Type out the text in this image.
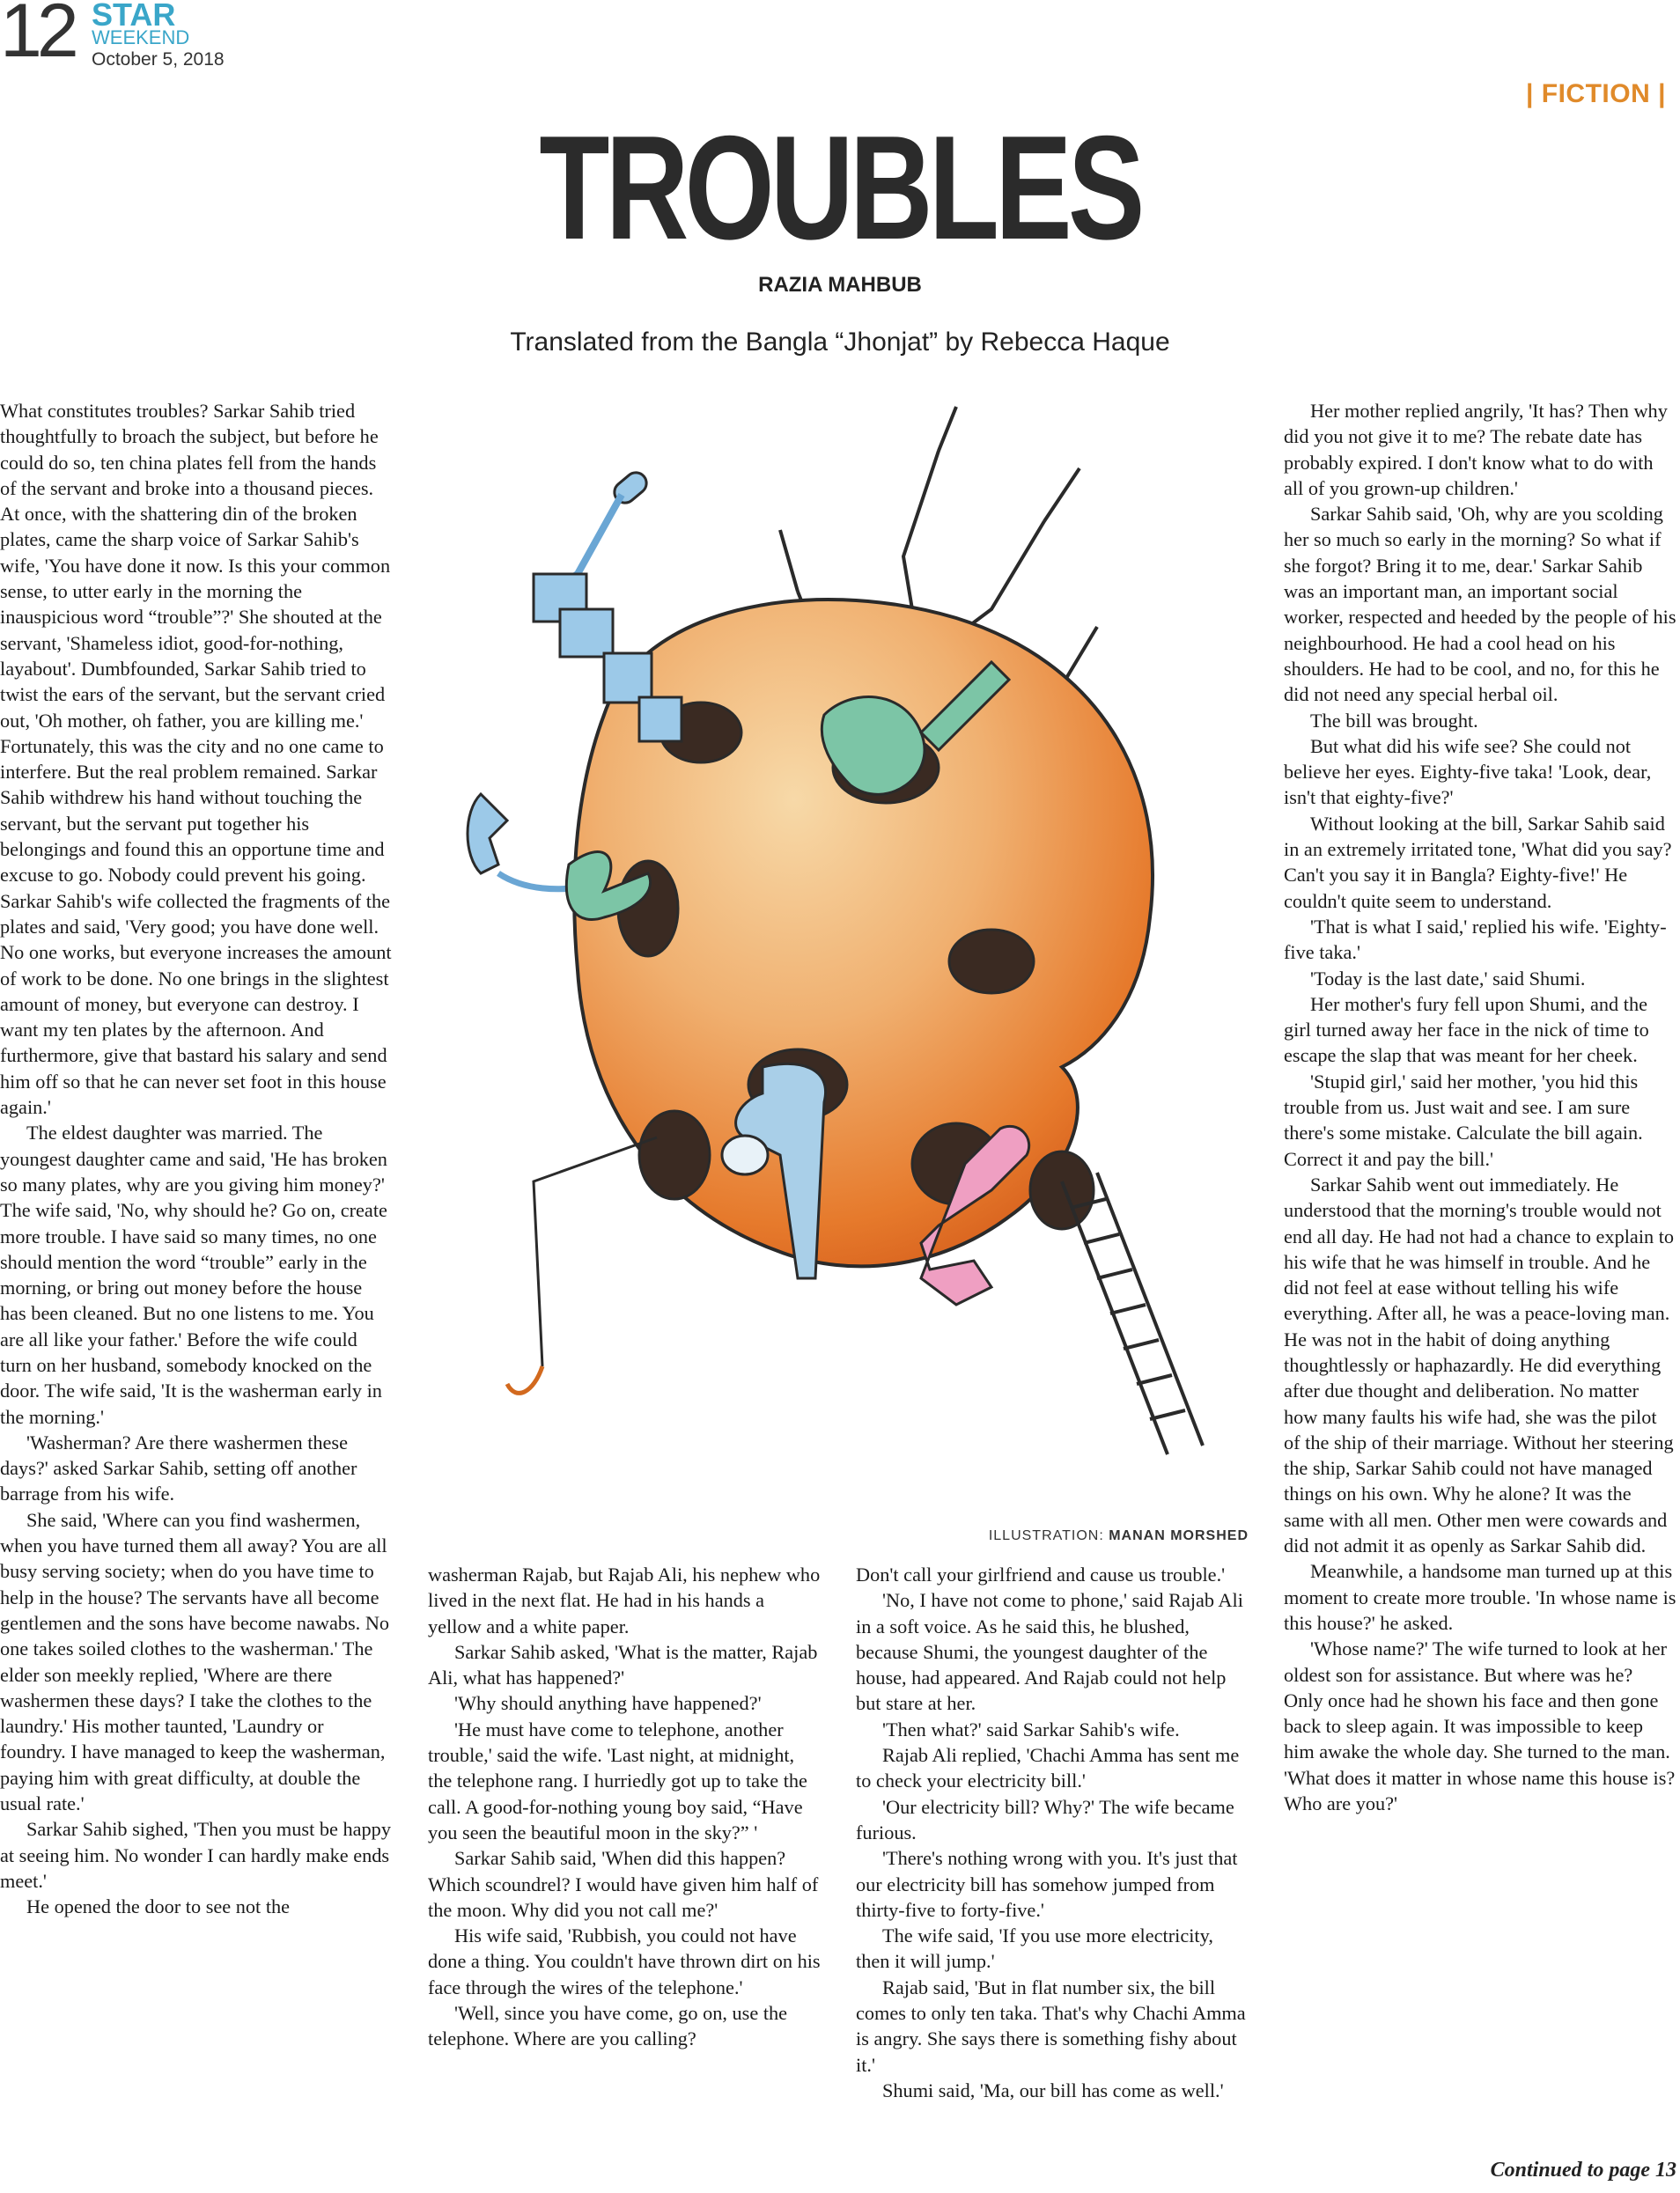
12 STAR
WEEKEND
October 5, 2018
| FICTION |
TROUBLES
RAZIA MAHBUB
Translated from the Bangla “Jhonjat” by Rebecca Haque

What constitutes troubles? Sarkar Sahib tried thoughtfully to broach the subject, but before he could do so, ten china plates fell from the hands of the servant and broke into a thousand pieces. At once, with the shattering din of the broken plates, came the sharp voice of Sarkar Sahib's wife, 'You have done it now. Is this your common sense, to utter early in the morning the inauspicious word “trouble”?' She shouted at the servant, 'Shameless idiot, good-for-nothing, layabout'. Dumbfounded, Sarkar Sahib tried to twist the ears of the servant, but the servant cried out, 'Oh mother, oh father, you are killing me.' Fortunately, this was the city and no one came to interfere. But the real problem remained. Sarkar Sahib withdrew his hand without touching the servant, but the servant put together his belongings and found this an opportune time and excuse to go. Nobody could prevent his going. Sarkar Sahib's wife collected the fragments of the plates and said, 'Very good; you have done well. No one works, but everyone increases the amount of work to be done. No one brings in the slightest amount of money, but everyone can destroy. I want my ten plates by the afternoon. And furthermore, give that bastard his salary and send him off so that he can never set foot in this house again.'

The eldest daughter was married. The youngest daughter came and said, 'He has broken so many plates, why are you giving him money?' The wife said, 'No, why should he? Go on, create more trouble. I have said so many times, no one should mention the word “trouble” early in the morning, or bring out money before the house has been cleaned. But no one listens to me. You are all like your father.' Before the wife could turn on her husband, somebody knocked on the door. The wife said, 'It is the washerman early in the morning.'

'Washerman? Are there washermen these days?' asked Sarkar Sahib, setting off another barrage from his wife.

She said, 'Where can you find washermen, when you have turned them all away? You are all busy serving society; when do you have time to help in the house? The servants have all become gentlemen and the sons have become nawabs. No one takes soiled clothes to the washerman.' The elder son meekly replied, 'Where are there washermen these days? I take the clothes to the laundry.' His mother taunted, 'Laundry or foundry. I have managed to keep the washerman, paying him with great difficulty, at double the usual rate.'

Sarkar Sahib sighed, 'Then you must be happy at seeing him. No wonder I can hardly make ends meet.'

He opened the door to see not the

ILLUSTRATION: MANAN MORSHED

washerman Rajab, but Rajab Ali, his nephew who lived in the next flat. He had in his hands a yellow and a white paper.

Sarkar Sahib asked, 'What is the matter, Rajab Ali, what has happened?'

'Why should anything have happened?'

'He must have come to telephone, another trouble,' said the wife. 'Last night, at midnight, the telephone rang. I hurriedly got up to take the call. A good-for-nothing young boy said, “Have you seen the beautiful moon in the sky?” '

Sarkar Sahib said, 'When did this happen? Which scoundrel? I would have given him half of the moon. Why did you not call me?'

His wife said, 'Rubbish, you could not have done a thing. You couldn't have thrown dirt on his face through the wires of the telephone.'

'Well, since you have come, go on, use the telephone. Where are you calling?

Don't call your girlfriend and cause us trouble.'

'No, I have not come to phone,' said Rajab Ali in a soft voice. As he said this, he blushed, because Shumi, the youngest daughter of the house, had appeared. And Rajab could not help but stare at her.

'Then what?' said Sarkar Sahib's wife.

Rajab Ali replied, 'Chachi Amma has sent me to check your electricity bill.'

'Our electricity bill? Why?' The wife became furious.

'There's nothing wrong with you. It's just that our electricity bill has somehow jumped from thirty-five to forty-five.'

The wife said, 'If you use more electricity, then it will jump.'

Rajab said, 'But in flat number six, the bill comes to only ten taka. That's why Chachi Amma is angry. She says there is something fishy about it.'

Shumi said, 'Ma, our bill has come as well.'

Her mother replied angrily, 'It has? Then why did you not give it to me? The rebate date has probably expired. I don't know what to do with all of you grown-up children.'

Sarkar Sahib said, 'Oh, why are you scolding her so much so early in the morning? So what if she forgot? Bring it to me, dear.' Sarkar Sahib was an important man, an important social worker, respected and heeded by the people of his neighbourhood. He had a cool head on his shoulders. He had to be cool, and no, for this he did not need any special herbal oil.

The bill was brought.

But what did his wife see? She could not believe her eyes. Eighty-five taka! 'Look, dear, isn't that eighty-five?'

Without looking at the bill, Sarkar Sahib said in an extremely irritated tone, 'What did you say? Can't you say it in Bangla? Eighty-five!' He couldn't quite seem to understand.

'That is what I said,' replied his wife. 'Eighty-five taka.'

'Today is the last date,' said Shumi.

Her mother's fury fell upon Shumi, and the girl turned away her face in the nick of time to escape the slap that was meant for her cheek.

'Stupid girl,' said her mother, 'you hid this trouble from us. Just wait and see. I am sure there's some mistake. Calculate the bill again. Correct it and pay the bill.'

Sarkar Sahib went out immediately. He understood that the morning's trouble would not end all day. He had not had a chance to explain to his wife that he was himself in trouble. And he did not feel at ease without telling his wife everything. After all, he was a peace-loving man. He was not in the habit of doing anything thoughtlessly or haphazardly. He did everything after due thought and deliberation. No matter how many faults his wife had, she was the pilot of the ship of their marriage. Without her steering the ship, Sarkar Sahib could not have managed things on his own. Why he alone? It was the same with all men. Other men were cowards and did not admit it as openly as Sarkar Sahib did.

Meanwhile, a handsome man turned up at this moment to create more trouble. 'In whose name is this house?' he asked.

'Whose name?' The wife turned to look at her oldest son for assistance. But where was he? Only once had he shown his face and then gone back to sleep again. It was impossible to keep him awake the whole day. She turned to the man. 'What does it matter in whose name this house is? Who are you?'

Continued to page 13
